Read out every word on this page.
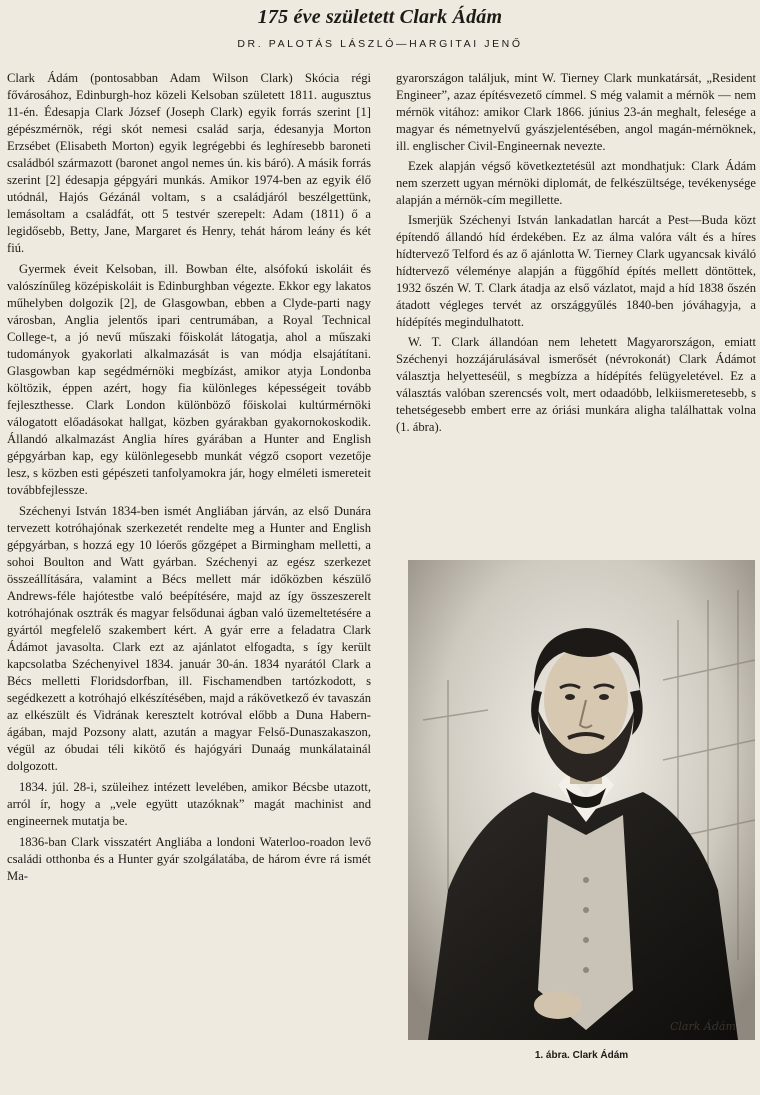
175 éve született Clark Ádám
DR. PALOTÁS LÁSZLÓ—HARGITAI JENŐ

Clark Ádám (pontosabban Adam Wilson Clark) Skócia régi fővárosához, Edinburgh-hoz közeli Kelsoban született 1811. augusztus 11-én. Édesapja Clark József (Joseph Clark) egyik forrás szerint [1] gépészmérnök, régi skót nemesi család sarja, édesanyja Morton Erzsébet (Elisabeth Morton) egyik legrégebbi és leghíresebb baroneti családból származott (baronet angol nemes ún. kis báró). A másik forrás szerint [2] édesapja gépgyári munkás. Amikor 1974-ben az egyik élő utódnál, Hajós Gézánál voltam, s a családjáról beszélgettünk, lemásoltam a családfát, ott 5 testvér szerepelt: Adam (1811) ő a legidősebb, Betty, Jane, Margaret és Henry, tehát három leány és két fiú.

Gyermek éveit Kelsoban, ill. Bowban élte, alsófokú iskoláit és valószínűleg középiskoláit is Edinburghban végezte. Ekkor egy lakatos műhelyben dolgozik [2], de Glasgowban, ebben a Clyde-parti nagy városban, Anglia jelentős ipari centrumában, a Royal Technical College-t, a jó nevű műszaki főiskolát látogatja, ahol a műszaki tudományok gyakorlati alkalmazását is van módja elsajátítani. Glasgowban kap segédmérnöki megbízást, amikor atyja Londonba költözik, éppen azért, hogy fia különleges képességeit tovább fejleszthesse. Clark London különböző főiskolai kultúrmérnöki válogatott előadásokat hallgat, közben gyárakban gyakornokoskodik. Állandó alkalmazást Anglia híres gyárában a Hunter and English gépgyárban kap, egy különlegesebb munkát végző csoport vezetője lesz, s közben esti gépészeti tanfolyamokra jár, hogy elméleti ismereteit továbbfejlessze.

Széchenyi István 1834-ben ismét Angliában járván, az első Dunára tervezett kotróhajónak szerkezetét rendelte meg a Hunter and English gépgyárban, s hozzá egy 10 lóerős gőzgépet a Birmingham melletti, a sohoi Boulton and Watt gyárban. Széchenyi az egész szerkezet összeállítására, valamint a Bécs mellett már időközben készülő Andrews-féle hajótestbe való beépítésére, majd az így összeszerelt kotróhajónak osztrák és magyar felsődunai ágban való üzemeltetésére a gyártól megfelelő szakembert kért. A gyár erre a feladatra Clark Ádámot javasolta. Clark ezt az ajánlatot elfogadta, s így került kapcsolatba Széchenyivel 1834. január 30-án. 1834 nyarától Clark a Bécs melletti Floridsdorfban, ill. Fischamendben tartózkodott, s segédkezett a kotróhajó elkészítésében, majd a rákövetkező év tavaszán az elkészült és Vidrának keresztelt kotróval előbb a Duna Habern-ágában, majd Pozsony alatt, azután a magyar Felső-Dunaszakaszon, végül az óbudai téli kikötő és hajógyári Dunaág munkálatainál dolgozott.

1834. júl. 28-i, szüleihez intézett levelében, amikor Bécsbe utazott, arról ír, hogy a „vele együtt utazóknak” magát machinist and engineernek mutatja be.

1836-ban Clark visszatért Angliába a londoni Waterloo-roadon levő családi otthonba és a Hunter gyár szolgálatába, de három évre rá ismét Ma-

gyarországon találjuk, mint W. Tierney Clark munkatársát, „Resident Engineer”, azaz építésvezető címmel. S még valamit a mérnök — nem mérnök vitához: amikor Clark 1866. június 23-án meghalt, felesége a magyar és németnyelvű gyászjelentésében, angol magán-mérnöknek, ill. englischer Civil-Engineernak nevezte.

Ezek alapján végső következtetésül azt mondhatjuk: Clark Ádám nem szerzett ugyan mérnöki diplomát, de felkészültsége, tevékenysége alapján a mérnök-cím megillette.

Ismerjük Széchenyi István lankadatlan harcát a Pest—Buda közt építendő állandó híd érdekében. Ez az álma valóra vált és a híres hídtervező Telford és az ő ajánlotta W. Tierney Clark ugyancsak kiváló hídtervező véleménye alapján a függőhíd építés mellett döntöttek, 1932 őszén W. T. Clark átadja az első vázlatot, majd a híd 1838 őszén átadott végleges tervét az országgyűlés 1840-ben jóváhagyja, a hídépítés megindulhatott.

W. T. Clark állandóan nem lehetett Magyarországon, emiatt Széchenyi hozzájárulásával ismerősét (névrokonát) Clark Ádámot választja helyetteséül, s megbízza a hídépítés felügyeletével. Ez a választás valóban szerencsés volt, mert odaadóbb, lelkiismeretesebb, s tehetségesebb embert erre az óriási munkára aligha találhattak volna (1. ábra).

Clark Ádám
1. ábra. Clark Ádám
